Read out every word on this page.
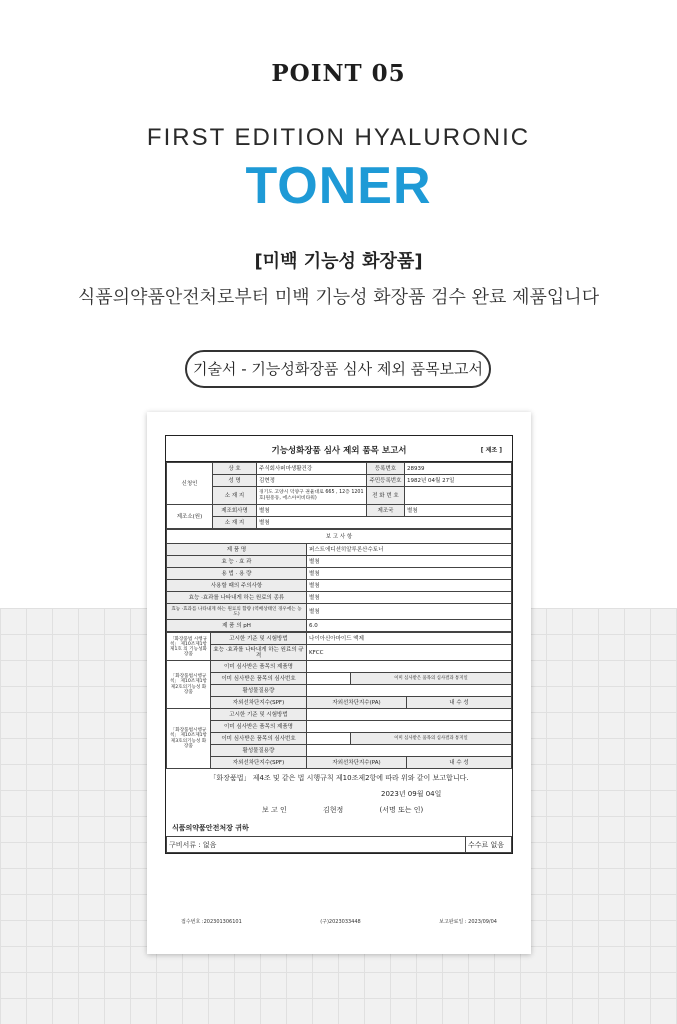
POINT 05
FIRST EDITION HYALURONIC
TONER
[미백 기능성 화장품]
식품의약품안전처로부터 미백 기능성 화장품 검수 완료 제품입니다
기술서 - 기능성화장품 심사 제외 품목보고서
기능성화장품 심사 제외 품목 보고서	[ 제조 ]
신청인	상 호	주식회사퍼마생활건강	등록번호	28939
	성 명	김현정	주민등록번호	1982년 04월 27일
	소 재 지	경기도 고양시 덕양구 권율대로 665 , 12층 1201호(원흥동, 에스아이비타워)	전 화 번 호	
제조소(원)	제조회사명	별첨	제조국	별첨
	소 재 지	별첨		
보 고 사 항	
제 품 명	퍼스트에디션히알루론산수토너
효 능 · 효 과	별첨
용 법 · 용 량	별첨
사용할 때의 주의사항	별첨
효능 ·효과를 나타내게 하는 원료의 종류	별첨
효능 ·효과를 나타내게 하는 원료의 함량 (역배상태인 경우에는 농도)	별첨
제 품 의 pH	6.0
「화장품법 시행규칙」 제10조제1항제1호 의 기능성화장품	고시한 기준 및 시험방법	나이아신아마이드 액제		
	효능 ·효과를 나타내게 하는 원료의 규격	KFCC		
「화장품법시행규칙」 제10조제1항제2호의기능성 화장품	이미 심사받은 품목의 제품명			
	이미 심사받은 품목의 심사번호		이미 심사받은 품목의 심사결과 통지일	
	활성물질용량			
	자외선차단지수(SPF)	자외선차단지수(PA)		내 수 성
「화장품법시행규칙」 제10조제1항제3호의기능성 화장품	고시한 기준 및 시험방법			
	이미 심사받은 품목의 제품명			
	이미 심사받은 품목의 심사번호		이미 심사받은 품목의 심사결과 통지일	
	활성물질용량			
	자외선차단지수(SPF)	자외선차단지수(PA)		내 수 성
「화장품법」 제4조 및 같은 법 시행규칙 제10조제2항에 따라 위와 같이 보고합니다.
2023년 09월 04일
보 고 인	김현정	(서명 또는 인)
식품의약품안전처장 귀하
구비서류 : 없음	수수료 없음
접수번호 :202301306101	(구)2023033448	보고완료일 : 2023/09/04
